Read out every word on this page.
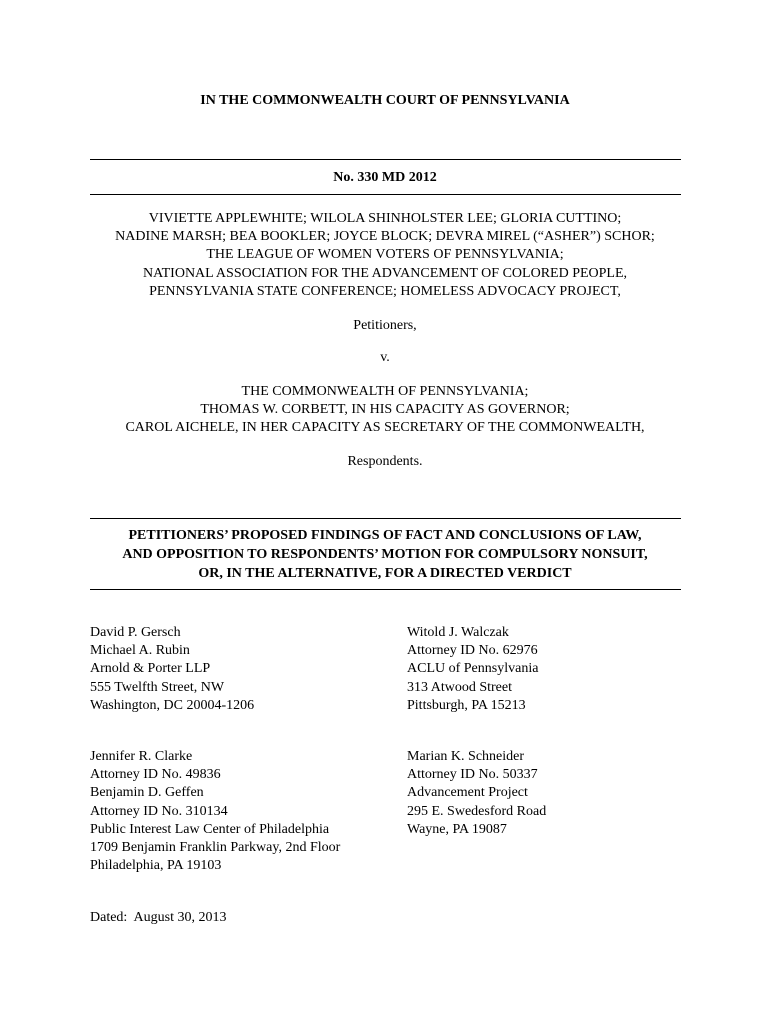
IN THE COMMONWEALTH COURT OF PENNSYLVANIA
No. 330 MD 2012
VIVIETTE APPLEWHITE; WILOLA SHINHOLSTER LEE; GLORIA CUTTINO;
NADINE MARSH; BEA BOOKLER; JOYCE BLOCK; DEVRA MIREL (“ASHER”) SCHOR;
THE LEAGUE OF WOMEN VOTERS OF PENNSYLVANIA;
NATIONAL ASSOCIATION FOR THE ADVANCEMENT OF COLORED PEOPLE,
PENNSYLVANIA STATE CONFERENCE; HOMELESS ADVOCACY PROJECT,
Petitioners,
v.
THE COMMONWEALTH OF PENNSYLVANIA;
THOMAS W. CORBETT, IN HIS CAPACITY AS GOVERNOR;
CAROL AICHELE, IN HER CAPACITY AS SECRETARY OF THE COMMONWEALTH,
Respondents.
PETITIONERS’ PROPOSED FINDINGS OF FACT AND CONCLUSIONS OF LAW,
AND OPPOSITION TO RESPONDENTS’ MOTION FOR COMPULSORY NONSUIT,
OR, IN THE ALTERNATIVE, FOR A DIRECTED VERDICT
David P. Gersch
Michael A. Rubin
Arnold & Porter LLP
555 Twelfth Street, NW
Washington, DC 20004-1206
Witold J. Walczak
Attorney ID No. 62976
ACLU of Pennsylvania
313 Atwood Street
Pittsburgh, PA 15213
Jennifer R. Clarke
Attorney ID No. 49836
Benjamin D. Geffen
Attorney ID No. 310134
Public Interest Law Center of Philadelphia
1709 Benjamin Franklin Parkway, 2nd Floor
Philadelphia, PA 19103
Marian K. Schneider
Attorney ID No. 50337
Advancement Project
295 E. Swedesford Road
Wayne, PA 19087
Dated:  August 30, 2013
